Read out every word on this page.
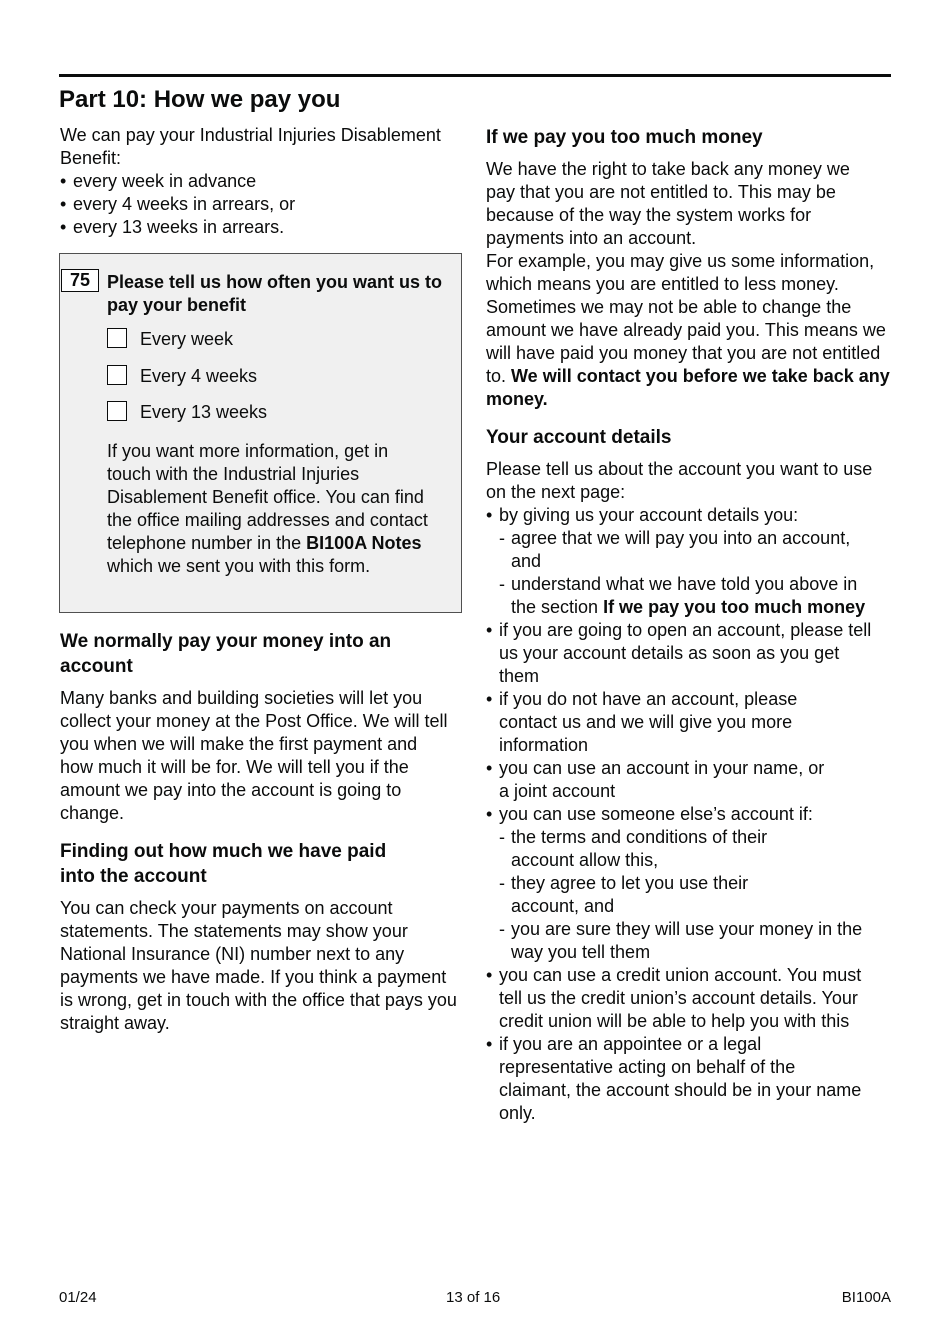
Part 10: How we pay you

We can pay your Industrial Injuries Disablement Benefit:

• every week in advance
• every 4 weeks in arrears, or
• every 13 weeks in arrears.
75 Please tell us how often you want us to pay your benefit
Every week
Every 4 weeks
Every 13 weeks

If you want more information, get in touch with the Industrial Injuries Disablement Benefit office. You can find the office mailing addresses and contact telephone number in the BI100A Notes which we sent you with this form.

We normally pay your money into an account

Many banks and building societies will let you collect your money at the Post Office. We will tell you when we will make the first payment and how much it will be for. We will tell you if the amount we pay into the account is going to change.

Finding out how much we have paid into the account

You can check your payments on account statements. The statements may show your National Insurance (NI) number next to any payments we have made. If you think a payment is wrong, get in touch with the office that pays you straight away.

If we pay you too much money

We have the right to take back any money we pay that you are not entitled to. This may be because of the way the system works for payments into an account.

For example, you may give us some information, which means you are entitled to less money. Sometimes we may not be able to change the amount we have already paid you. This means we will have paid you money that you are not entitled to. We will contact you before we take back any money.

Your account details

Please tell us about the account you want to use on the next page:

• by giving us your account details you:
- agree that we will pay you into an account, and
- understand what we have told you above in the section If we pay you too much money
• if you are going to open an account, please tell us your account details as soon as you get them
• if you do not have an account, please contact us and we will give you more information
• you can use an account in your name, or a joint account
• you can use someone else’s account if:
- the terms and conditions of their account allow this,
- they agree to let you use their account, and
- you are sure they will use your money in the way you tell them
• you can use a credit union account. You must tell us the credit union’s account details. Your credit union will be able to help you with this
• if you are an appointee or a legal representative acting on behalf of the claimant, the account should be in your name only.
01/24	13 of 16	BI100A
